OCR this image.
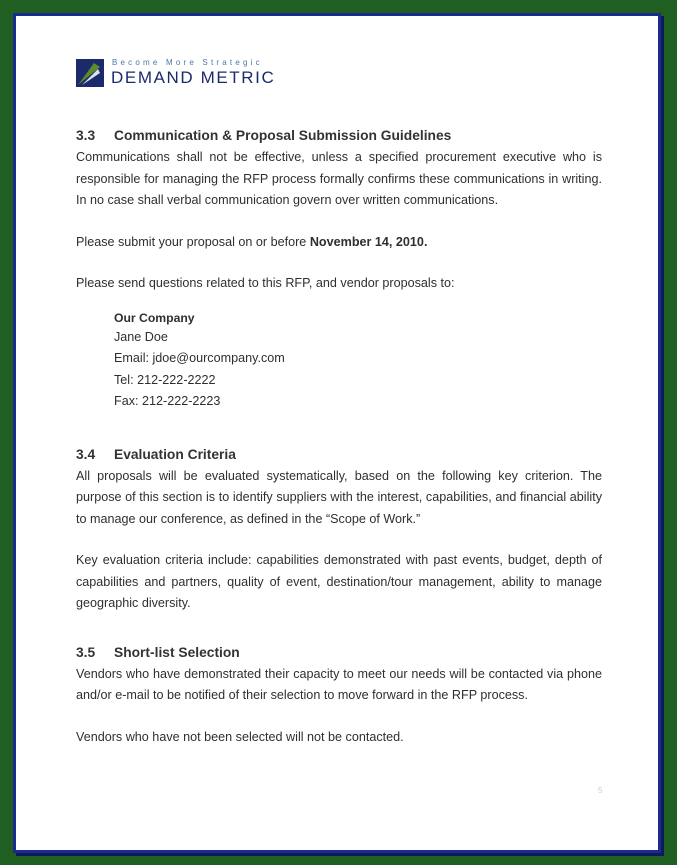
Become More Strategic
DEMAND METRIC
3.3 Communication & Proposal Submission Guidelines

Communications shall not be effective, unless a specified procurement executive who is responsible for managing the RFP process formally confirms these communications in writing. In no case shall verbal communication govern over written communications.

Please submit your proposal on or before November 14, 2010.

Please send questions related to this RFP, and vendor proposals to:

Our Company
Jane Doe
Email: jdoe@ourcompany.com
Tel: 212-222-2222
Fax: 212-222-2223
3.4 Evaluation Criteria

All proposals will be evaluated systematically, based on the following key criterion. The purpose of this section is to identify suppliers with the interest, capabilities, and financial ability to manage our conference, as defined in the “Scope of Work.”

Key evaluation criteria include: capabilities demonstrated with past events, budget, depth of capabilities and partners, quality of event, destination/tour management, ability to manage geographic diversity.

3.5 Short-list Selection

Vendors who have demonstrated their capacity to meet our needs will be contacted via phone and/or e-mail to be notified of their selection to move forward in the RFP process.

Vendors who have not been selected will not be contacted.

5
